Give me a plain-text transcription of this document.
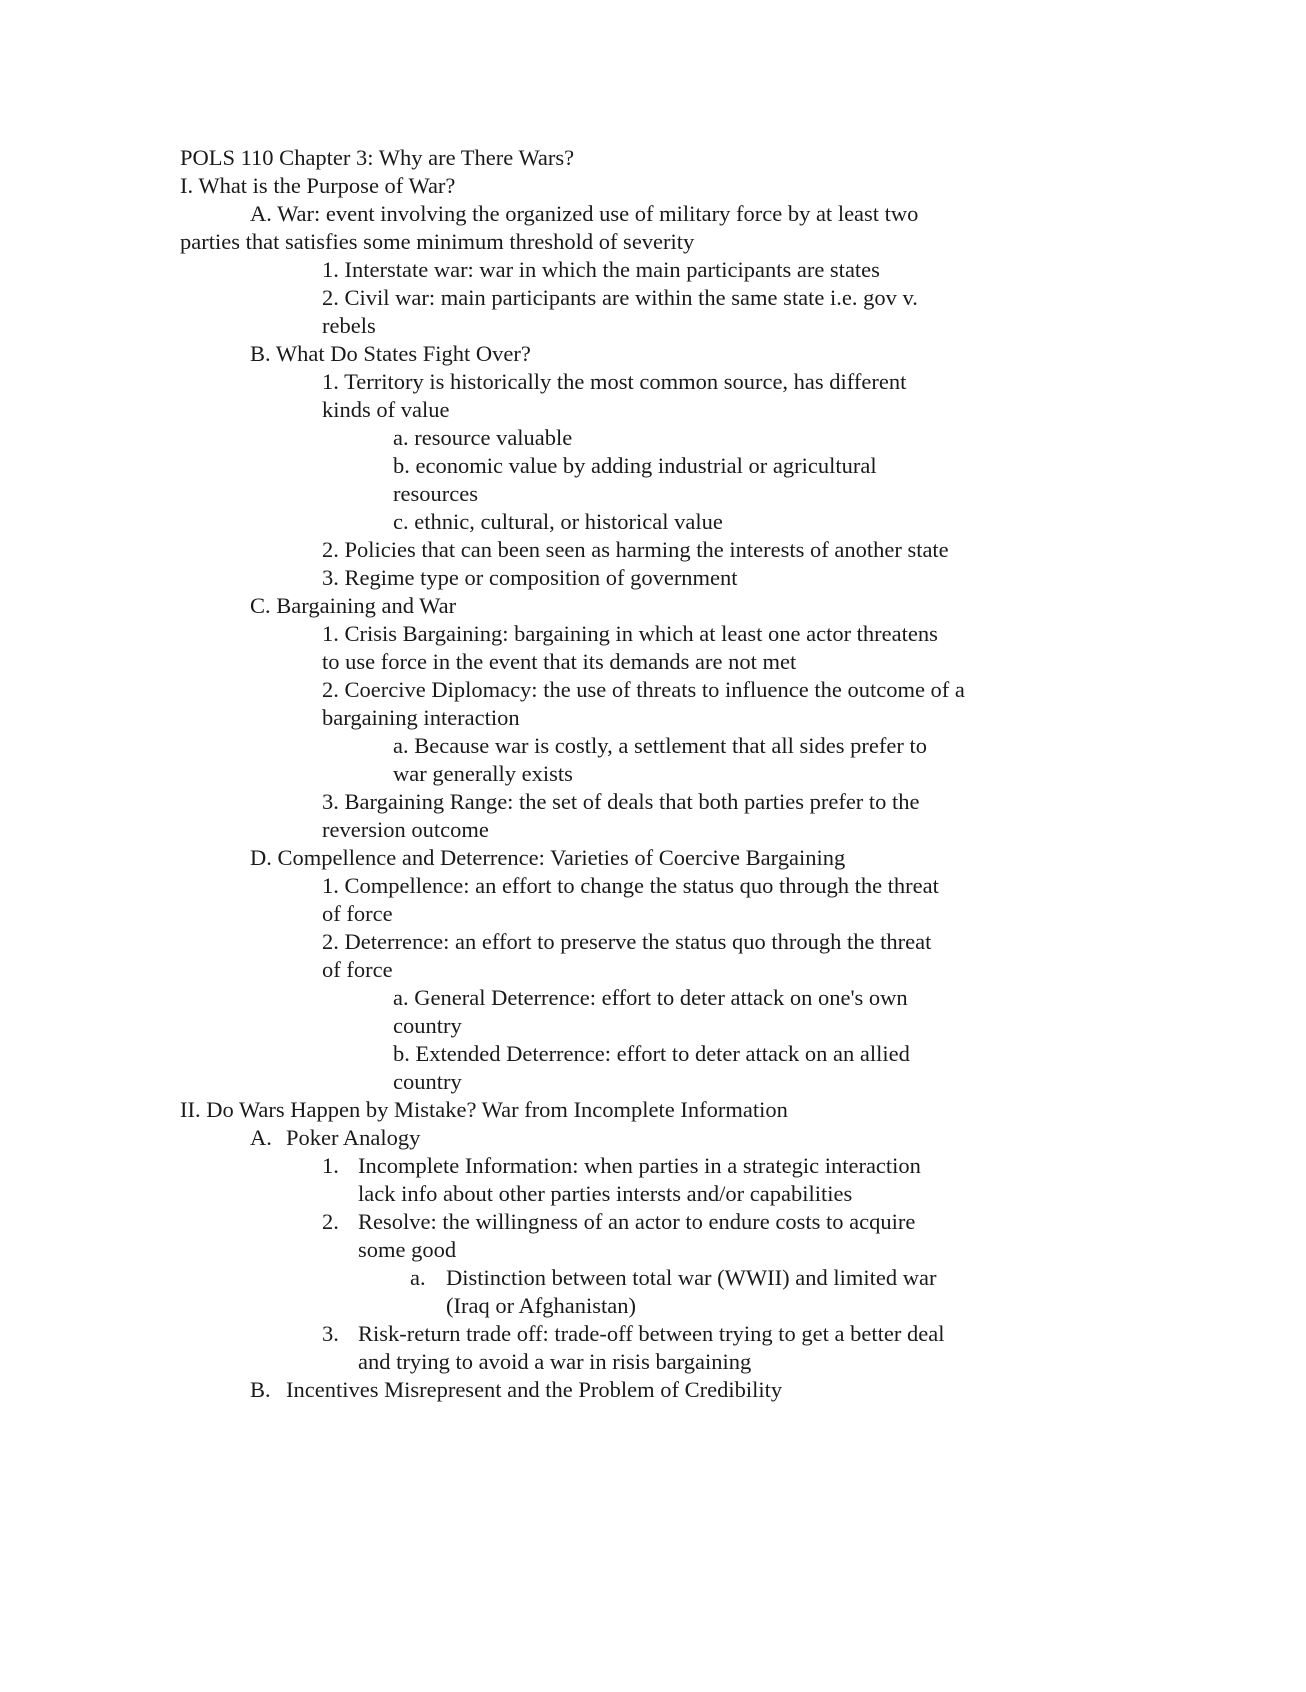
POLS 110 Chapter 3: Why are There Wars?
I. What is the Purpose of War?
A. War: event involving the organized use of military force by at least two
parties that satisfies some minimum threshold of severity
1. Interstate war: war in which the main participants are states
2. Civil war: main participants are within the same state i.e. gov v.
rebels
B. What Do States Fight Over?
1. Territory is historically the most common source, has different
kinds of value
a. resource valuable
b. economic value by adding industrial or agricultural
resources
c. ethnic, cultural, or historical value
2. Policies that can been seen as harming the interests of another state
3. Regime type or composition of government
C. Bargaining and War
1. Crisis Bargaining: bargaining in which at least one actor threatens
to use force in the event that its demands are not met
2. Coercive Diplomacy: the use of threats to influence the outcome of a
bargaining interaction
a. Because war is costly, a settlement that all sides prefer to
war generally exists
3. Bargaining Range: the set of deals that both parties prefer to the
reversion outcome
D. Compellence and Deterrence: Varieties of Coercive Bargaining
1. Compellence: an effort to change the status quo through the threat
of force
2. Deterrence: an effort to preserve the status quo through the threat
of force
a. General Deterrence: effort to deter attack on one's own
country
b. Extended Deterrence: effort to deter attack on an allied
country
II. Do Wars Happen by Mistake? War from Incomplete Information
A. Poker Analogy
1. Incomplete Information: when parties in a strategic interaction
lack info about other parties intersts and/or capabilities
2. Resolve: the willingness of an actor to endure costs to acquire
some good
a. Distinction between total war (WWII) and limited war
(Iraq or Afghanistan)
3. Risk-return trade off: trade-off between trying to get a better deal
and trying to avoid a war in risis bargaining
B. Incentives Misrepresent and the Problem of Credibility
